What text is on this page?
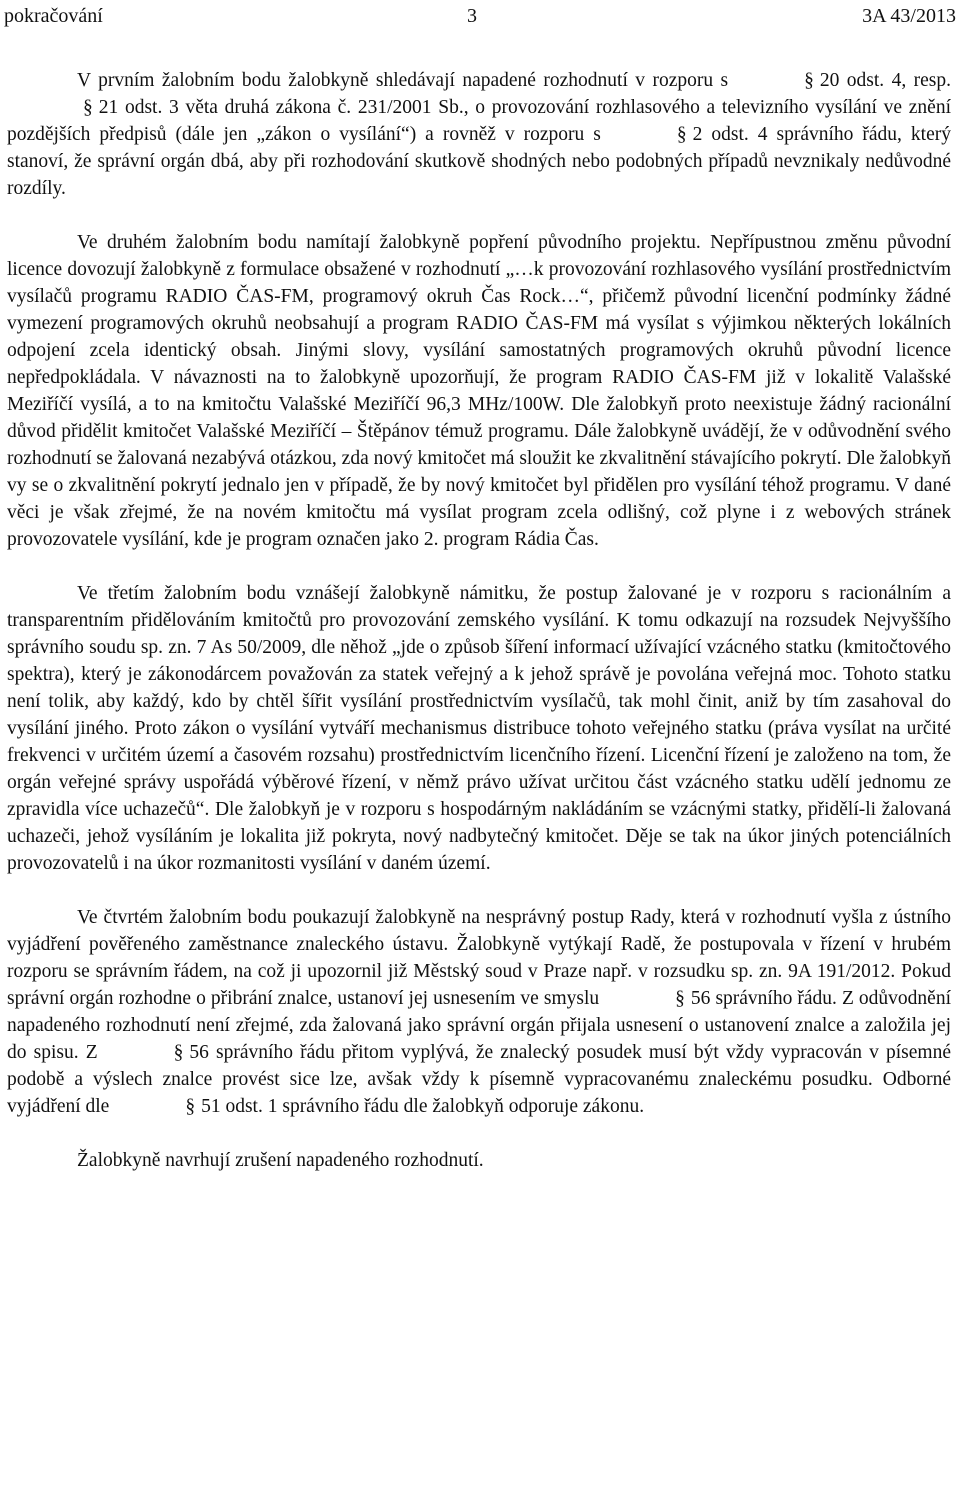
pokračování	3	3A 43/2013

V prvním žalobním bodu žalobkyně shledávají napadené rozhodnutí v rozporu s	§ 20 odst. 4, resp.§ 21 odst. 3 věta druhá zákona č. 231/2001 Sb., o provozování rozhlasového a televizního vysílání ve znění pozdějších předpisů (dále jen „zákon o vysílání“) a rovněž v rozporu s	§ 2 odst. 4 správního řádu, který stanoví, že správní orgán dbá, aby při rozhodování skutkově shodných nebo podobných případů nevznikaly nedůvodné rozdíly.

Ve druhém žalobním bodu namítají žalobkyně popření původního projektu. Nepřípustnou změnu původní licence dovozují žalobkyně z formulace obsažené v rozhodnutí „…k provozování rozhlasového vysílání prostřednictvím vysílačů programu RADIO ČAS-FM, programový okruh Čas Rock…“, přičemž původní licenční podmínky žádné vymezení programových okruhů neobsahují a program RADIO ČAS-FM má vysílat s výjimkou některých lokálních odpojení zcela identický obsah. Jinými slovy, vysílání samostatných programových okruhů původní licence nepředpokládala. V návaznosti na to žalobkyně upozorňují, že program RADIO ČAS-FM již v lokalitě Valašské Meziříčí vysílá, a to na kmitočtu Valašské Meziříčí 96,3 MHz/100W. Dle žalobkyň proto neexistuje žádný racionální důvod přidělit kmitočet Valašské Meziříčí – Štěpánov témuž programu. Dále žalobkyně uvádějí, že v odůvodnění svého rozhodnutí se žalovaná nezabývá otázkou, zda nový kmitočet má sloužit ke zkvalitnění stávajícího pokrytí. Dle žalobkyň vy se o zkvalitnění pokrytí jednalo jen v případě, že by nový kmitočet byl přidělen pro vysílání téhož programu. V dané věci je však zřejmé, že na novém kmitočtu má vysílat program zcela odlišný, což plyne i z webových stránek provozovatele vysílání, kde je program označen jako 2. program Rádia Čas.

Ve třetím žalobním bodu vznášejí žalobkyně námitku, že postup žalované je v rozporu s racionálním a transparentním přidělováním kmitočtů pro provozování zemského vysílání. K tomu odkazují na rozsudek Nejvyššího správního soudu sp. zn. 7 As 50/2009, dle něhož „jde o způsob šíření informací užívající vzácného statku (kmitočtového spektra), který je zákonodárcem považován za statek veřejný a k jehož správě je povolána veřejná moc. Tohoto statku není tolik, aby každý, kdo by chtěl šířit vysílání prostřednictvím vysílačů, tak mohl činit, aniž by tím zasahoval do vysílání jiného. Proto zákon o vysílání vytváří mechanismus distribuce tohoto veřejného statku (práva vysílat na určité frekvenci v určitém území a časovém rozsahu) prostřednictvím licenčního řízení. Licenční řízení je založeno na tom, že orgán veřejné správy uspořádá výběrové řízení, v němž právo užívat určitou část vzácného statku udělí jednomu ze zpravidla více uchazečů“. Dle žalobkyň je v rozporu s hospodárným nakládáním se vzácnými statky, přidělí-li žalovaná uchazeči, jehož vysíláním je lokalita již pokryta, nový nadbytečný kmitočet. Děje se tak na úkor jiných potenciálních provozovatelů i na úkor rozmanitosti vysílání v daném území.

Ve čtvrtém žalobním bodu poukazují žalobkyně na nesprávný postup Rady, která v rozhodnutí vyšla z ústního vyjádření pověřeného zaměstnance znaleckého ústavu. Žalobkyně vytýkají Radě, že postupovala v řízení v hrubém rozporu se správním řádem, na což ji upozornil již Městský soud v Praze např. v rozsudku sp. zn. 9A 191/2012. Pokud správní orgán rozhodne o přibrání znalce, ustanoví jej usnesením ve smyslu	§ 56 správního řádu. Z odůvodnění napadeného rozhodnutí není zřejmé, zda žalovaná jako správní orgán přijala usnesení o ustanovení znalce a založila jej do spisu. Z	§ 56 správního řádu přitom vyplývá, že znalecký posudek musí být vždy vypracován v písemné podobě a výslech znalce provést sice lze, avšak vždy k písemně vypracovanému znaleckému posudku. Odborné vyjádření dle	§ 51 odst. 1 správního řádu dle žalobkyň odporuje zákonu.

Žalobkyně navrhují zrušení napadeného rozhodnutí.
